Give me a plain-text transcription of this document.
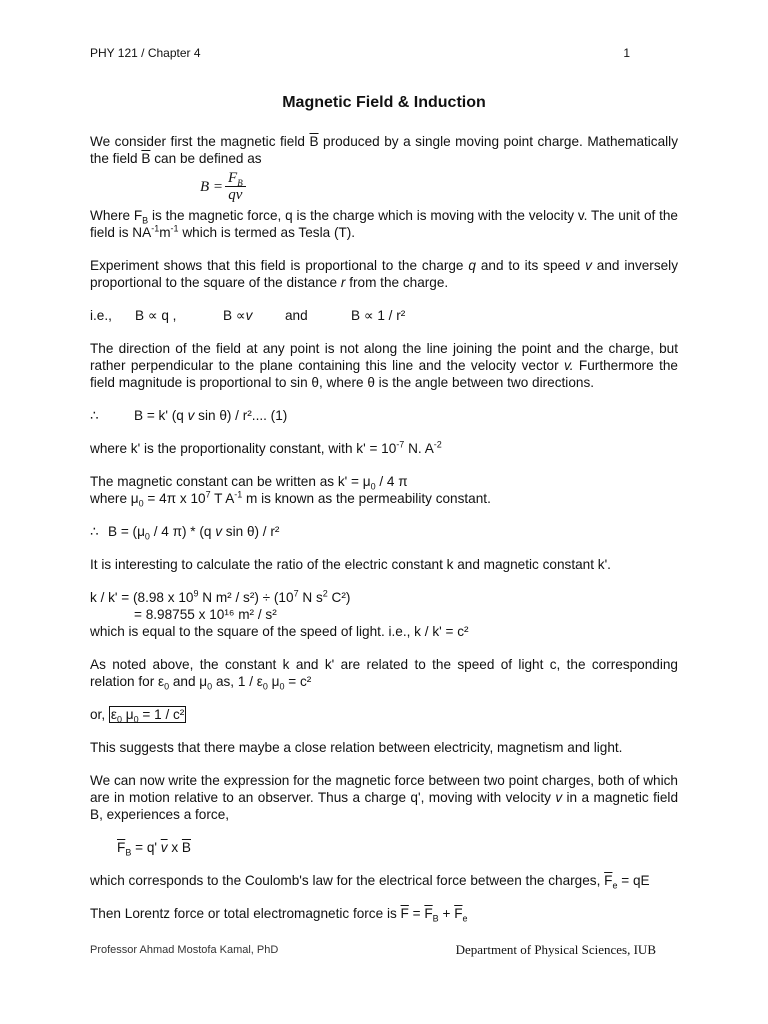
PHY 121 / Chapter 4	1
Magnetic Field & Induction

We consider first the magnetic field $\overline{B}$ produced by a single moving point charge. Mathematically the field $\overline{B}$ can be defined as

$B = \frac{F_B}{qv}$

Where $F_B$ is the magnetic force, q is the charge which is moving with the velocity v. The unit of the field is $NA^{-1}m^{-1}$ which is termed as Tesla (T).

Experiment shows that this field is proportional to the charge q and to its speed v and inversely proportional to the square of the distance r from the charge.

i.e., B ∝ q ,	B ∝v and	B ∝ 1 / r²

The direction of the field at any point is not along the line joining the point and the charge, but rather perpendicular to the plane containing this line and the velocity vector v. Furthermore the field magnitude is proportional to sin θ, where θ is the angle between two directions.

∴	B = k' (q v sin θ) / r².... (1)

where k' is the proportionality constant, with $k' = 10^{-7}$ N. $A^{-2}$

The magnetic constant can be written as $k' = \mu_0 / 4$ π
where $\mu_0 = 4\pi$ x $10^7$ T $A^{-1}$ m is known as the permeability constant.

∴ $B = (\mu_0 / 4$ π) * (q v sin θ) / r²

It is interesting to calculate the ratio of the electric constant k and magnetic constant k'.

k / k' = (8.98 x $10^9$ N $m^2 / s^2) \div (10^7$ N $s^2$ C²)
= 8.98755 x 10¹⁶ m² / s²
which is equal to the square of the speed of light. i.e., k / k' = c²

As noted above, the constant k and k' are related to the speed of light c, the corresponding relation for $\varepsilon_0$ and $\mu_0$ as, $1 / \varepsilon_0$ $\mu_0 = c^2$

or, $\varepsilon_0$ $\mu_0 = 1 / c^2$

This suggests that there maybe a close relation between electricity, magnetism and light.

We can now write the expression for the magnetic force between two point charges, both of which are in motion relative to an observer. Thus a charge q', moving with velocity v in a magnetic field B, experiences a force,

$\overline{F}_B = q'$ $\overline{v}$ x $\overline{B}$

which corresponds to the Coulomb's law for the electrical force between the charges, $\overline{F}_e$ = qE

Then Lorentz force or total electromagnetic force is $\overline{F} = \overline{F}_B + \overline{F}_e$

Professor Ahmad Mostofa Kamal, PhD	Department of Physical Sciences, IUB
